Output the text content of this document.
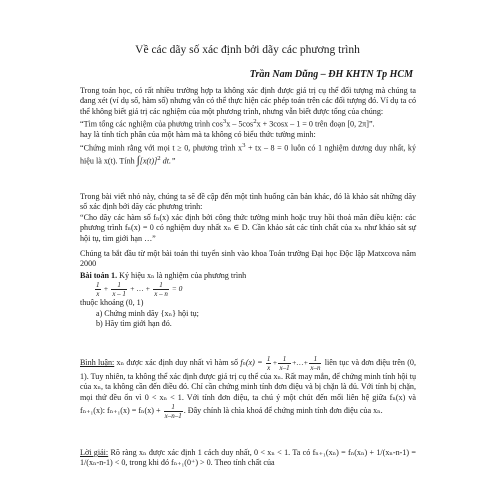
Về các dãy số xác định bởi dãy các phương trình
Trần Nam Dũng – ĐH KHTN Tp HCM

Trong toán học, có rất nhiều trường hợp ta không xác định được giá trị cụ thể đối tượng mà chúng ta đang xét (ví dụ số, hàm số) nhưng vẫn có thể thực hiện các phép toán trên các đối tượng đó. Ví dụ ta có thể không biết giá trị các nghiệm của một phương trình, nhưng vẫn biết được tổng của chúng:

“Tìm tổng các nghiệm của phương trình $\cos^3x - 5\cos^2x + 3\cos x - 1 = 0$ trên đoạn [0, 2π]”.

hay là tính tích phân của một hàm mà ta không có biểu thức tường minh:

“Chứng minh rằng với mọi t ≥ 0, phương trình $x^3$ + tx – 8 = 0 luôn có 1 nghiệm dương duy nhất, ký hiệu là x(t). Tính $\int[x(t)]^2$ dt.”

Trong bài viết nhỏ này, chúng ta sẽ đề cập đến một tình huống căn bản khác, đó là khảo sát những dãy số xác định bởi dãy các phương trình:

“Cho dãy các hàm số fₙ(x) xác định bởi công thức tường minh hoặc truy hồi thoả mãn điều kiện: các phương trình fₙ(x) = 0 có nghiệm duy nhất xₙ ∈ D. Cần khảo sát các tính chất của xₙ như khảo sát sự hội tụ, tìm giới hạn …”

Chúng ta bắt đầu từ một bài toán thi tuyển sinh vào khoa Toán trường Đại học Độc lập Matxcova năm 2000

Bài toán 1. Ký hiệu xₙ là nghiệm của phương trình

$\frac{1}{x} + \frac{1}{x - 1}$ + … + $\frac{1}{x - n} = 0$

thuộc khoảng (0, 1)

a) Chứng minh dãy {xₙ} hội tụ;
b) Hãy tìm giới hạn đó.

Bình luận: xₙ được xác định duy nhất vì hàm số $f_n(x) = \frac{1}{x} + \frac{1}{x-1}$ +…+ $\frac{1}{x-n}$ liên tục và đơn điệu trên (0, 1). Tuy nhiên, ta không thể xác định được giá trị cụ thể của xₙ. Rất may mắn, để chứng minh tính hội tụ của xₙ, ta không cần đến điều đó. Chỉ cần chứng minh tính đơn điệu và bị chặn là đủ. Với tính bị chặn, mọi thứ đều ổn vì 0 < xₙ < 1. Với tính đơn điệu, ta chú ý một chút đến mối liên hệ giữa fₙ(x) và fₙ₊₁(x): $f_{n+1}(x) = f_n(x) + \frac{1}{x-n-1}$ . Đây chính là chìa khoá để chứng minh tính đơn điệu của xₙ.

Lời giải: Rõ ràng xₙ được xác định 1 cách duy nhất, 0 < xₙ < 1. Ta có fₙ₊₁(xₙ) = fₙ(xₙ) + 1/(xₙ-n-1) = 1/(xₙ-n-1) < 0, trong khi đó fₙ₊₁(0⁺) > 0. Theo tính chất của
